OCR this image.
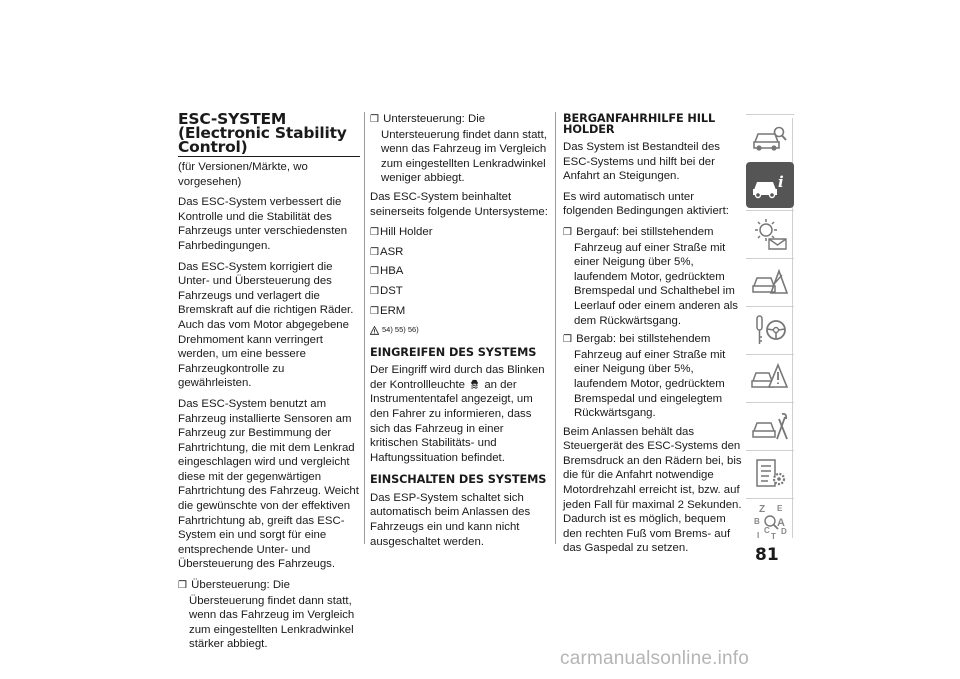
ESC-SYSTEM
(Electronic Stability
Control)

(für Versionen/Märkte, wo vorgesehen)

Das ESC-System verbessert die Kontrolle und die Stabilität des Fahrzeugs unter verschiedensten Fahrbedingungen.

Das ESC-System korrigiert die Unter- und Übersteuerung des Fahrzeugs und verlagert die Bremskraft auf die richtigen Räder. Auch das vom Motor abgegebene Drehmoment kann verringert werden, um eine bessere Fahrzeugkontrolle zu gewährleisten.

Das ESC-System benutzt am Fahrzeug installierte Sensoren am Fahrzeug zur Bestimmung der Fahrtrichtung, die mit dem Lenkrad eingeschlagen wird und vergleicht diese mit der gegenwärtigen Fahrtrichtung des Fahrzeug. Weicht die gewünschte von der effektiven Fahrtrichtung ab, greift das ESC-System ein und sorgt für eine entsprechende Unter- und Übersteuerung des Fahrzeugs.

❒ Übersteuerung: Die Übersteuerung findet dann statt, wenn das Fahrzeug im Vergleich zum eingestellten Lenkradwinkel stärker abbiegt.

❒ Untersteuerung: Die Untersteuerung findet dann statt, wenn das Fahrzeug im Vergleich zum eingestellten Lenkradwinkel weniger abbiegt.

Das ESC-System beinhaltet seinerseits folgende Untersysteme:

❒Hill Holder

❒ASR

❒HBA

❒DST

❒ERM

54) 55) 56)
EINGREIFEN DES SYSTEMS

Der Eingriff wird durch das Blinken der Kontrollleuchte an der Instrumententafel angezeigt, um den Fahrer zu informieren, dass sich das Fahrzeug in einer kritischen Stabilitäts- und Haftungssituation befindet.

EINSCHALTEN DES SYSTEMS

Das ESP-System schaltet sich automatisch beim Anlassen des Fahrzeugs ein und kann nicht ausgeschaltet werden.

BERGANFAHRHILFE HILL HOLDER

Das System ist Bestandteil des ESC-Systems und hilft bei der Anfahrt an Steigungen.

Es wird automatisch unter folgenden Bedingungen aktiviert:

❒ Bergauf: bei stillstehendem Fahrzeug auf einer Straße mit einer Neigung über 5%, laufendem Motor, gedrücktem Bremspedal und Schalthebel im Leerlauf oder einem anderen als dem Rückwärtsgang.

❒ Bergab: bei stillstehendem Fahrzeug auf einer Straße mit einer Neigung über 5%, laufendem Motor, gedrücktem Bremspedal und eingelegtem Rückwärtsgang.

Beim Anlassen behält das Steuergerät des ESC-Systems den Bremsdruck an den Rädern bei, bis die für die Anfahrt notwendige Motordrehzahl erreicht ist, bzw. auf jeden Fall für maximal 2 Sekunden. Dadurch ist es möglich, bequem den rechten Fuß vom Brems- auf das Gaspedal zu setzen.

i
Z E
B A
C D
I T
81
carmanualsonline.info
